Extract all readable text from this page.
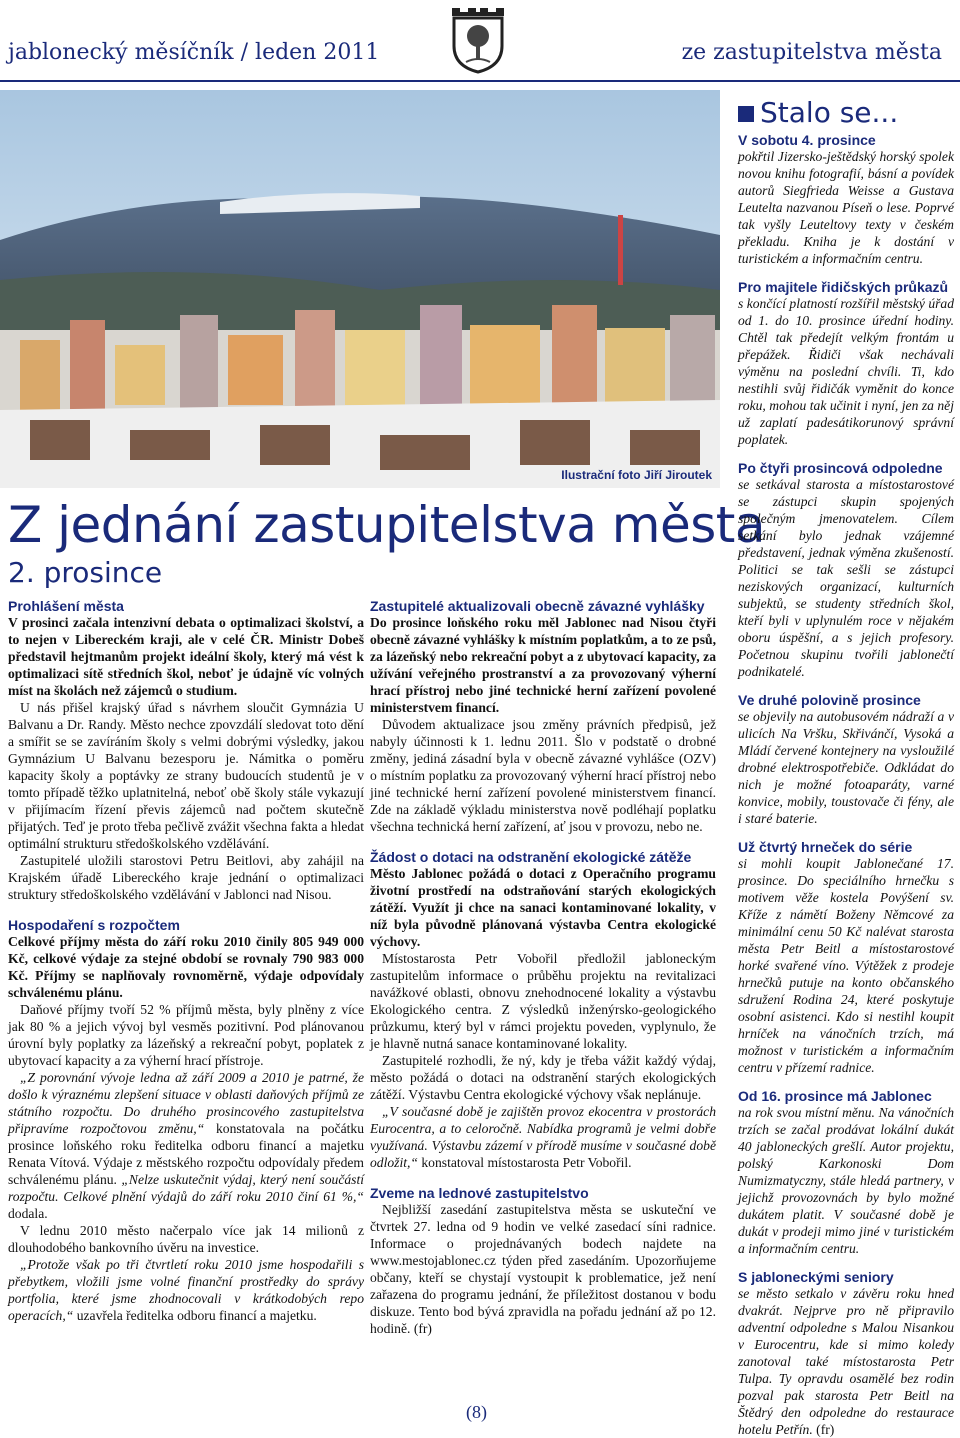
jablonecký měsíčník / leden 2011	ze zastupitelstva města
Ilustrační foto Jiří Jiroutek
Z jednání zastupitelstva města
2. prosince

Prohlášení města

V prosinci začala intenzivní debata o optimalizaci školství, a to nejen v Libereckém kraji, ale v celé ČR. Ministr Dobeš představil hejtmanům projekt ideální školy, který má vést k optimalizaci sítě středních škol, neboť je údajně víc volných míst na školách než zájemců o studium.

U nás přišel krajský úřad s návrhem sloučit Gymnázia U Balvanu a Dr. Randy. Město nechce zpovzdálí sledovat toto dění a smířit se se zavíráním školy s velmi dobrými výsledky, jakou Gymnázium U Balvanu bezesporu je. Námitka o poměru kapacity školy a poptávky ze strany budoucích studentů je v tomto případě těžko uplatnitelná, neboť obě školy stále vykazují v přijímacím řízení převis zájemců nad počtem skutečně přijatých. Teď je proto třeba pečlivě zvážit všechna fakta a hledat optimální strukturu středoškolského vzdělávání.

Zastupitelé uložili starostovi Petru Beitlovi, aby zahájil na Krajském úřadě Libereckého kraje jednání o optimalizaci struktury středoškolského vzdělávání v Jablonci nad Nisou.

Hospodaření s rozpočtem

Celkové příjmy města do září roku 2010 činily 805 949 000 Kč, celkové výdaje za stejné období se rovnaly 790 983 000 Kč. Příjmy se naplňovaly rovnoměrně, výdaje odpovídaly schválenému plánu.

Daňové příjmy tvoří 52 % příjmů města, byly plněny z více jak 80 % a jejich vývoj byl vesměs pozitivní. Pod plánovanou úrovní byly poplatky za lázeňský a rekreační pobyt, poplatek z ubytovací kapacity a za výherní hrací přístroje.

„Z porovnání vývoje ledna až září 2009 a 2010 je patrné, že došlo k výraznému zlepšení situace v oblasti daňových příjmů ze státního rozpočtu. Do druhého prosincového zastupitelstva připravíme rozpočtovou změnu,“ konstatovala na počátku prosince loňského roku ředitelka odboru financí a majetku Renata Vítová. Výdaje z městského rozpočtu odpovídaly předem schválenému plánu. „Nelze uskutečnit výdaj, který není součástí rozpočtu. Celkové plnění výdajů do září roku 2010 činí 61 %,“ dodala.

V lednu 2010 město načerpalo více jak 14 milionů z dlouhodobého bankovního úvěru na investice.

„Protože však po tři čtvrtletí roku 2010 jsme hospodařili s přebytkem, vložili jsme volné finanční prostředky do správy portfolia, které jsme zhodnocovali v krátkodobých repo operacích,“ uzavřela ředitelka odboru financí a majetku.

Zastupitelé aktualizovali obecně závazné vyhlášky

Do prosince loňského roku měl Jablonec nad Nisou čtyři obecně závazné vyhlášky k místním poplatkům, a to ze psů, za lázeňský nebo rekreační pobyt a z ubytovací kapacity, za užívání veřejného prostranství a za provozovaný výherní hrací přístroj nebo jiné technické herní zařízení povolené ministerstvem financí.

Důvodem aktualizace jsou změny právních předpisů, jež nabyly účinnosti k 1. lednu 2011. Šlo v podstatě o drobné změny, jediná zásadní byla v obecně závazné vyhlášce (OZV) o místním poplatku za provozovaný výherní hrací přístroj nebo jiné technické herní zařízení povolené ministerstvem financí. Zde na základě výkladu ministerstva nově podléhají poplatku všechna technická herní zařízení, ať jsou v provozu, nebo ne.

Žádost o dotaci na odstranění ekologické zátěže

Město Jablonec požádá o dotaci z Operačního programu životní prostředí na odstraňování starých ekologických zátěží. Využít ji chce na sanaci kontaminované lokality, v níž byla původně plánovaná výstavba Centra ekologické výchovy.

Místostarosta Petr Vobořil předložil jabloneckým zastupitelům informace o průběhu projektu na revitalizaci navážkové oblasti, obnovu znehodnocené lokality a výstavbu Ekologického centra. Z výsledků inženýrsko-geologického průzkumu, který byl v rámci projektu poveden, vyplynulo, že je hlavně nutná sanace kontaminované lokality.

Zastupitelé rozhodli, že ný, kdy je třeba vážit každý výdaj, město požádá o dotaci na odstranění starých ekologických zátěží. Výstavbu Centra ekologické výchovy však neplánuje.

„V současné době je zajištěn provoz ekocentra v prostorách Eurocentra, a to celoročně. Nabídka programů je velmi dobře využívaná. Výstavbu zázemí v přírodě musíme v současné době odložit,“ konstatoval místostarosta Petr Vobořil.

Zveme na lednové zastupitelstvo

Nejbližší zasedání zastupitelstva města se uskuteční ve čtvrtek 27. ledna od 9 hodin ve velké zasedací síni radnice. Informace o projednávaných bodech najdete na www.mestojablonec.cz týden před zasedáním. Upozorňujeme občany, kteří se chystají vystoupit k problematice, jež není zařazena do programu jednání, že příležitost dostanou v bodu diskuze. Tento bod bývá zpravidla na pořadu jednání až po 12. hodině. (fr)

Stalo se...
V sobotu 4. prosince

pokřtil Jizersko-ještědský horský spolek novou knihu fotografií, básní a povídek autorů Siegfrieda Weisse a Gustava Leutelta nazvanou Píseň o lese. Poprvé tak vyšly Leuteltovy texty v českém překladu. Kniha je k dostání v turistickém a informačním centru.

Pro majitele řidičských průkazů

s končící platností rozšířil městský úřad od 1. do 10. prosince úřední hodiny. Chtěl tak předejít velkým frontám u přepážek. Řidiči však nechávali výměnu na poslední chvíli. Ti, kdo nestihli svůj řidičák vyměnit do konce roku, mohou tak učinit i nyní, jen za něj už zaplatí padesátikorunový správní poplatek.

Po čtyři prosincová odpoledne

se setkával starosta a místostarostové se zástupci skupin spojených společným jmenovatelem. Cílem setkání bylo jednak vzájemné představení, jednak výměna zkušeností. Politici se tak sešli se zástupci neziskových organizací, kulturních subjektů, se studenty středních škol, kteří byli v uplynulém roce v nějakém oboru úspěšní, a s jejich profesory. Početnou skupinu tvořili jablonečtí podnikatelé.

Ve druhé polovině prosince

se objevily na autobusovém nádraží a v ulicích Na Vršku, Skřivánčí, Vysoká a Mládí červené kontejnery na vysloužilé drobné elektrospotřebiče. Odkládat do nich je možné fotoaparáty, varné konvice, mobily, toustovače či fény, ale i staré baterie.

Už čtvrtý hrneček do série

si mohli koupit Jablonečané 17. prosince. Do speciálního hrnečku s motivem věže kostela Povýšení sv. Kříže z námětí Boženy Němcové za minimální cenu 50 Kč nalévat starosta města Petr Beitl a místostarostové horké svařené víno. Výtěžek z prodeje hrnečků putuje na konto občanského sdružení Rodina 24, které poskytuje osobní asistenci. Kdo si nestihl koupit hrníček na vánočních trzích, má možnost v turistickém a informačním centru v přízemí radnice.

Od 16. prosince má Jablonec

na rok svou místní měnu. Na vánočních trzích se začal prodávat lokální dukát 40 jabloneckých grešlí. Autor projektu, polský Karkonoski Dom Numizmatyczny, stále hledá partnery, v jejichž provozovnách by bylo možné dukátem platit. V současné době je dukát v prodeji mimo jiné v turistickém a informačním centru.

S jabloneckými seniory

se město setkalo v závěru roku hned dvakrát. Nejprve pro ně připravilo adventní odpoledne s Malou Nisankou v Eurocentru, kde si mimo koledy zanotoval také místostarosta Petr Tulpa. Ty opravdu osamělé bez rodin pozval pak starosta Petr Beitl na Štědrý den odpoledne do restaurace hotelu Petřín. (fr)

(8)
